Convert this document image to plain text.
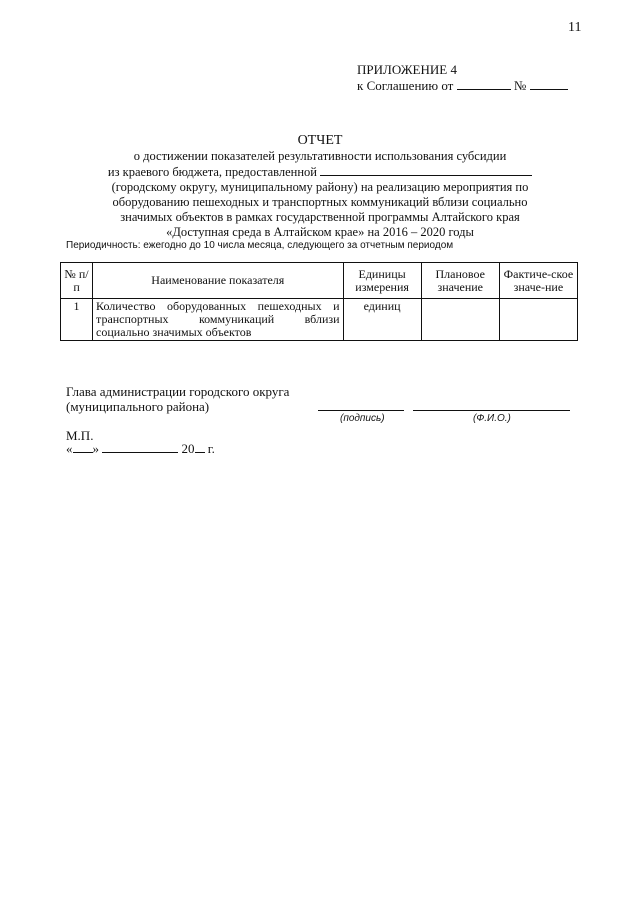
11
ПРИЛОЖЕНИЕ 4
к Соглашению от	№
ОТЧЕТ
о достижении показателей результативности использования субсидии
из краевого бюджета, предоставленной
(городскому округу, муниципальному району) на реализацию мероприятия по
оборудованию пешеходных и транспортных коммуникаций вблизи социально
значимых объектов в рамках государственной программы Алтайского края
«Доступная среда в Алтайском крае» на 2016 – 2020 годы
Периодичность: ежегодно до 10 числа месяца, следующего за отчетным периодом
№ п/п	Наименование показателя	Единицы измерения	Плановое значение	Фактиче-ское значе-ние
1	Количество оборудованных пешеходных и транспортных коммуникаций вблизи социально значимых объектов	единиц		
Глава администрации городского округа
(муниципального района)
(подпись)	(Ф.И.О.)
М.П.
« »	20 г.
